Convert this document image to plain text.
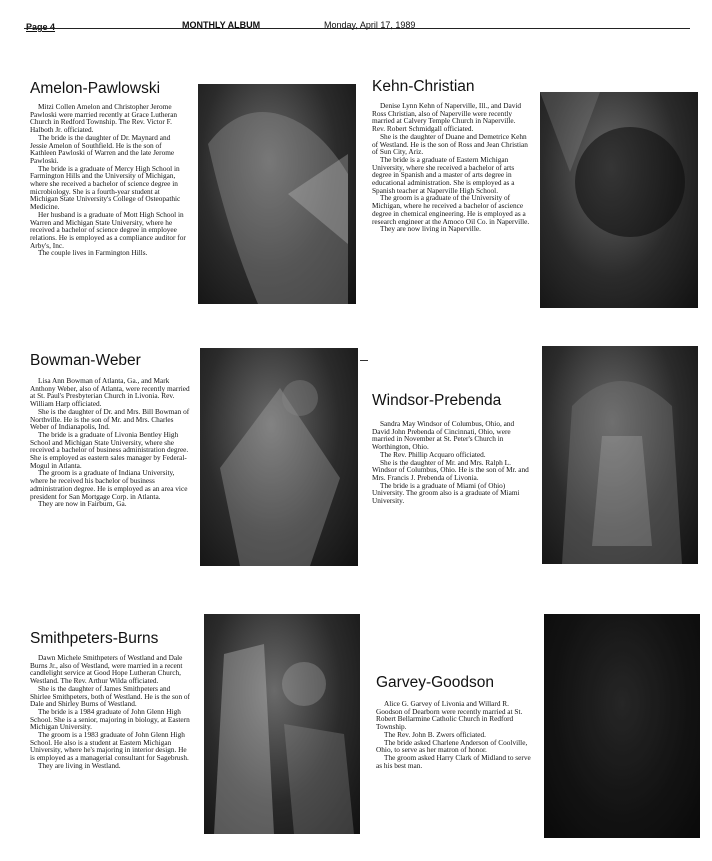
Page 4	MONTHLY ALBUM	Monday, April 17, 1989
Amelon-Pawlowski

Mitzi Collen Amelon and Christopher Jerome Pawloski were married recently at Grace Lutheran Church in Redford Township. The Rev. Victor F. Halboth Jr. officiated.

The bride is the daughter of Dr. Maynard and Jessie Amelon of Southfield. He is the son of Kathleen Pawloski of Warren and the late Jerome Pawloski.

The bride is a graduate of Mercy High School in Farmington Hills and the University of Michigan, where she received a bachelor of science degree in microbiology. She is a fourth-year student at Michigan State University's College of Osteopathic Medicine.

Her husband is a graduate of Mott High School in Warren and Michigan State University, where he received a bachelor of science degree in employee relations. He is employed as a compliance auditor for Arby's, Inc.

The couple lives in Farmington Hills.

Kehn-Christian

Denise Lynn Kehn of Naperville, Ill., and David Ross Christian, also of Naperville were recently married at Calvery Temple Church in Naperville. Rev. Robert Schmidgall officiated.

She is the daughter of Duane and Demetrice Kehn of Westland. He is the son of Ross and Jean Christian of Sun City, Ariz.

The bride is a graduate of Eastern Michigan University, where she received a bachelor of arts degree in Spanish and a master of arts degree in educational administration. She is employed as a Spanish teacher at Naperville High School.

The groom is a graduate of the University of Michigan, where he received a bachelor of ascience degree in chemical engineering. He is employed as a research engineer at the Amoco Oil Co. in Naperville.

They are now living in Naperville.

Bowman-Weber

Lisa Ann Bowman of Atlanta, Ga., and Mark Anthony Weber, also of Atlanta, were recently married at St. Paul's Presbyterian Church in Livonia. Rev. William Harp officiated.

She is the daughter of Dr. and Mrs. Bill Bowman of Northville. He is the son of Mr. and Mrs. Charles Weber of Indianapolis, Ind.

The bride is a graduate of Livonia Bentley High School and Michigan State University, where she received a bachelor of business administration degree. She is employed as eastern sales manager by Federal-Mogul in Atlanta.

The groom is a graduate of Indiana University, where he received his bachelor of business administration degree. He is employed as an area vice president for San Mortgage Corp. in Atlanta.

They are now in Fairburn, Ga.

Windsor-Prebenda

Sandra May Windsor of Columbus, Ohio, and David John Prebenda of Cincinnati, Ohio, were married in November at St. Peter's Church in Worthington, Ohio.

The Rev. Phillip Acquaro officiated.

She is the daughter of Mr. and Mrs. Ralph L. Windsor of Columbus, Ohio. He is the son of Mr. and Mrs. Francis J. Prebenda of Livonia.

The bride is a graduate of Miami (of Ohio) University. The groom also is a graduate of Miami University.

Smithpeters-Burns

Dawn Michele Smithpeters of Westland and Dale Burns Jr., also of Westland, were married in a recent candlelight service at Good Hope Lutheran Church, Westland. The Rev. Arthur Wilda officiated.

She is the daughter of James Smithpeters and Shirlee Smithpeters, both of Westland. He is the son of Dale and Shirley Burns of Westland.

The bride is a 1984 graduate of John Glenn High School. She is a senior, majoring in biology, at Eastern Michigan University.

The groom is a 1983 graduate of John Glenn High School. He also is a student at Eastern Michigan University, where he's majoring in interior design. He is employed as a managerial consultant for Sagebrush.

They are living in Westland.

Garvey-Goodson

Alice G. Garvey of Livonia and Willard R. Goodson of Dearborn were recently married at St. Robert Bellarmine Catholic Church in Redford Township.

The Rev. John B. Zwers officiated.

The bride asked Charlene Anderson of Coolville, Ohio, to serve as her matron of honor.

The groom asked Harry Clark of Midland to serve as his best man.
